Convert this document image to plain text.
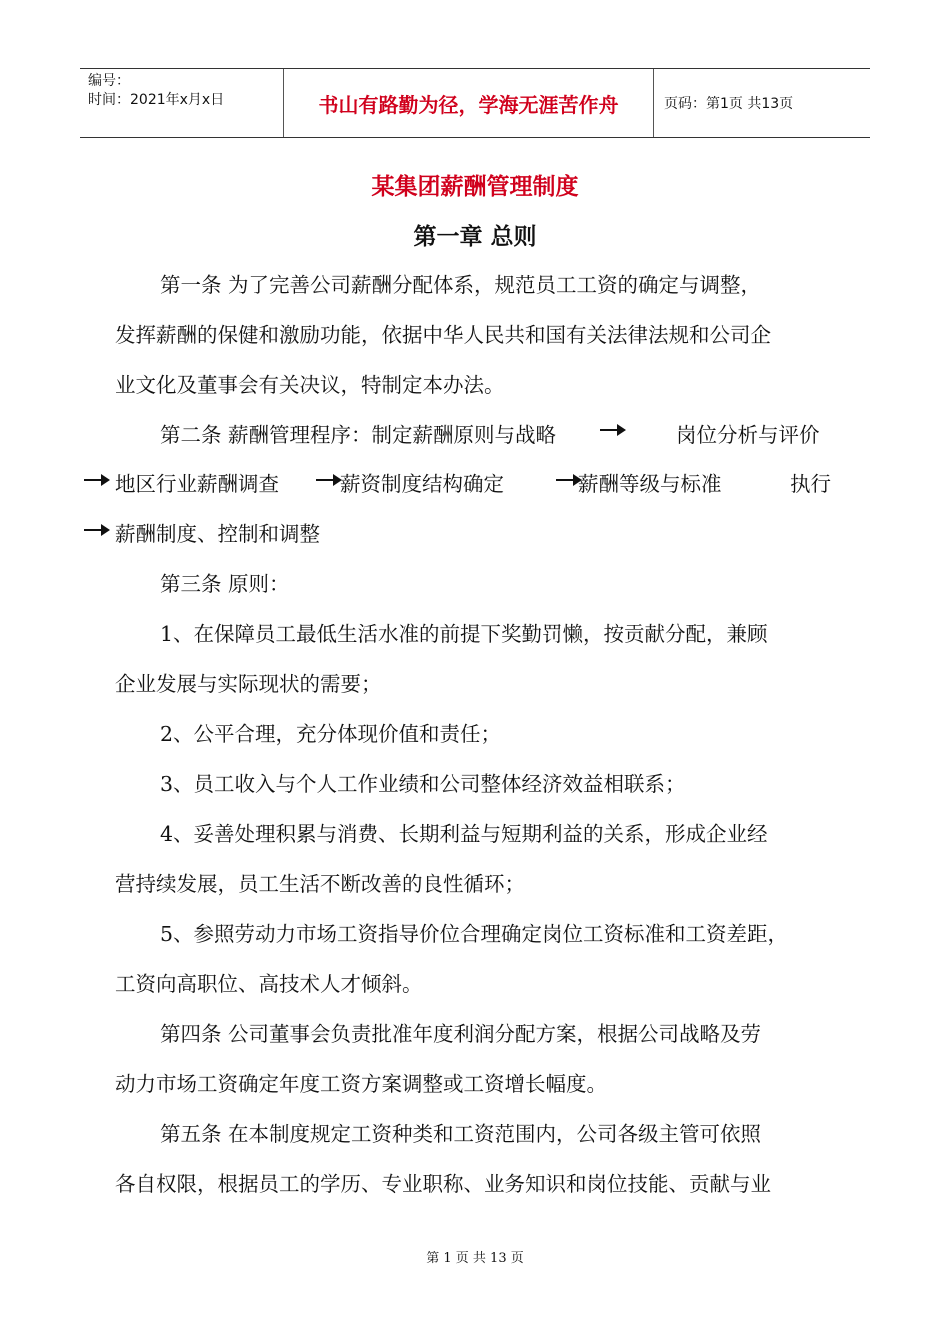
编号：
时间：2021年x月x日	书山有路勤为径，学海无涯苦作舟	页码：第1页 共13页
某集团薪酬管理制度
第一章 总则
第一条 为了完善公司薪酬分配体系，规范员工工资的确定与调整，
发挥薪酬的保健和激励功能，依据中华人民共和国有关法律法规和公司企
业文化及董事会有关决议，特制定本办法。
第二条 薪酬管理程序：制定薪酬原则与战略	岗位分析与评价
地区行业薪酬调查	薪资制度结构确定	薪酬等级与标准	执行
薪酬制度、控制和调整
第三条 原则：
1、在保障员工最低生活水准的前提下奖勤罚懒，按贡献分配，兼顾
企业发展与实际现状的需要；
2、公平合理，充分体现价值和责任；
3、员工收入与个人工作业绩和公司整体经济效益相联系；
4、妥善处理积累与消费、长期利益与短期利益的关系，形成企业经
营持续发展，员工生活不断改善的良性循环；
5、参照劳动力市场工资指导价位合理确定岗位工资标准和工资差距，
工资向高职位、高技术人才倾斜。
第四条 公司董事会负责批准年度利润分配方案，根据公司战略及劳
动力市场工资确定年度工资方案调整或工资增长幅度。
第五条 在本制度规定工资种类和工资范围内，公司各级主管可依照
各自权限，根据员工的学历、专业职称、业务知识和岗位技能、贡献与业
第 1 页 共 13 页
